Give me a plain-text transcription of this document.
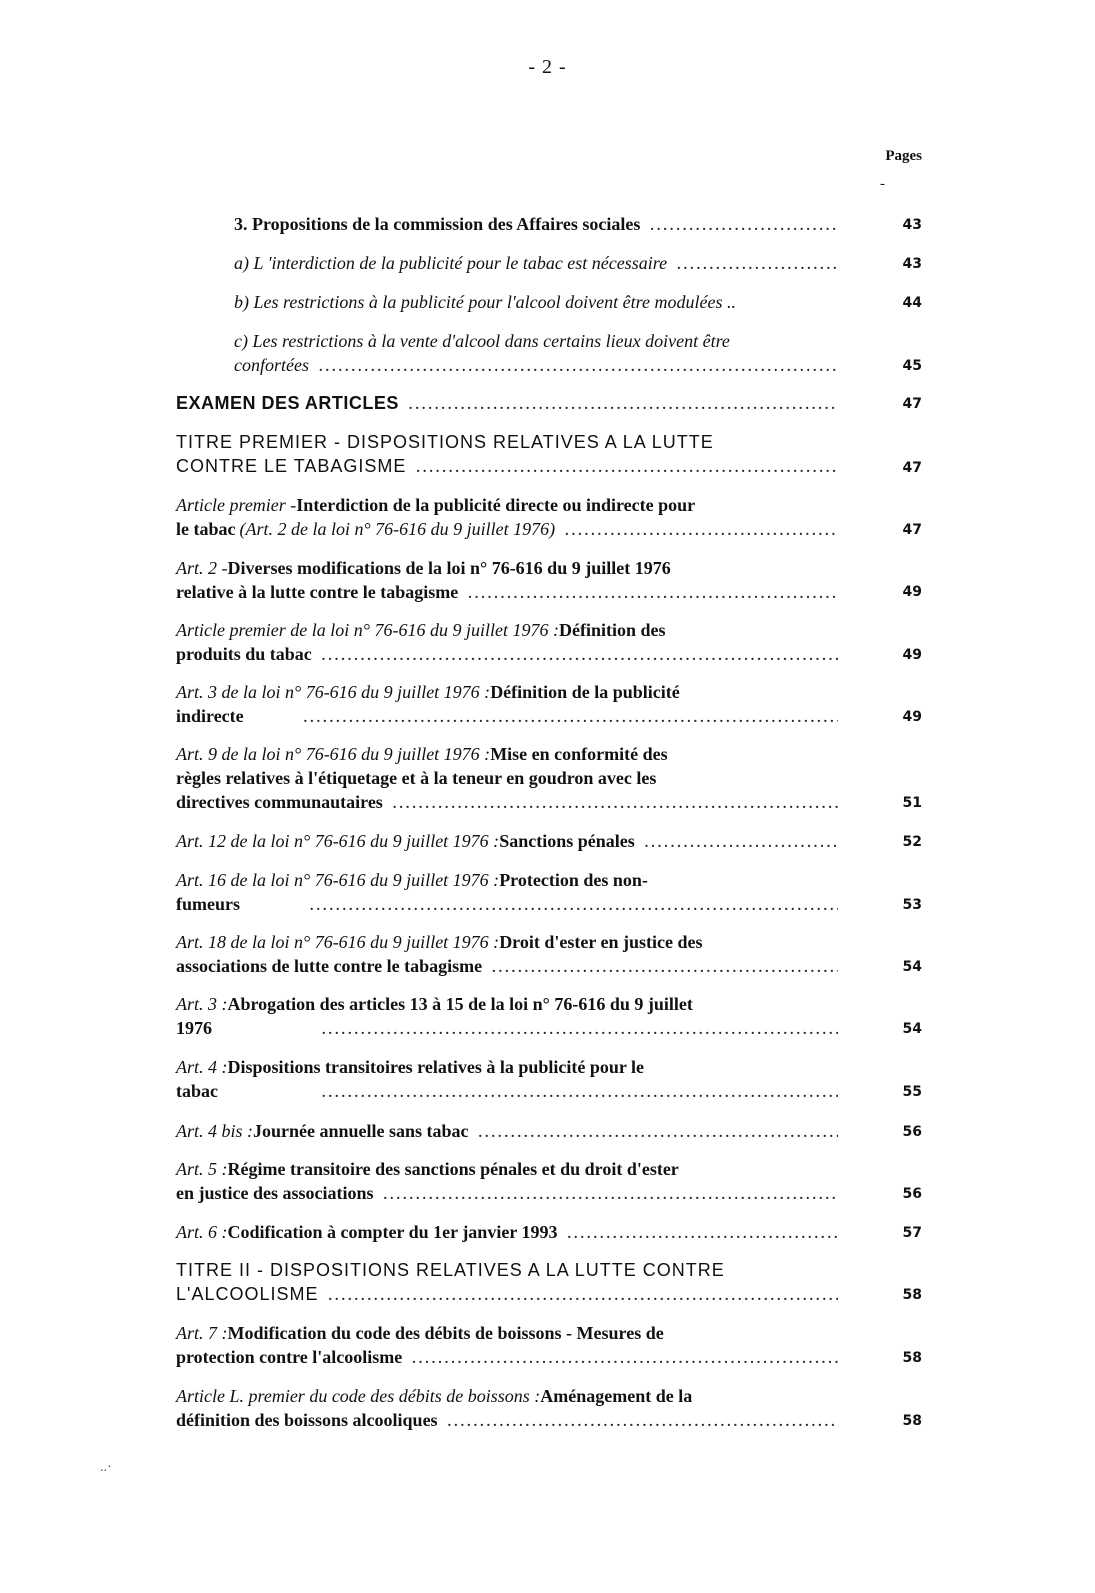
- 2 -
Pages
-
3. Propositions de la commission des Affaires sociales .....	43
a) L 'interdiction de la publicité pour le tabac est nécessaire .....	43
b) Les restrictions à la publicité pour l'alcool doivent être modulées ..	44
c) Les restrictions à la vente d'alcool dans certains lieux doivent être
confortées .....	45
EXAMEN DES ARTICLES .....	47
TITRE PREMIER - DISPOSITIONS RELATIVES A LA LUTTE
CONTRE LE TABAGISME .....	47
Article premier - Interdiction de la publicité directe ou indirecte pour
le tabac (Art. 2 de la loi n° 76-616 du 9 juillet 1976) .....	47
Art. 2 - Diverses modifications de la loi n° 76-616 du 9 juillet 1976
relative à la lutte contre le tabagisme .....	49
Article premier de la loi n° 76-616 du 9 juillet 1976 : Définition des
produits du tabac .....	49
Art. 3 de la loi n° 76-616 du 9 juillet 1976 : Définition de la publicité
indirecte .....	49
Art. 9 de la loi n° 76-616 du 9 juillet 1976 : Mise en conformité des
règles relatives à l'étiquetage et à la teneur en goudron avec les
directives communautaires .....	51
Art. 12 de la loi n° 76-616 du 9 juillet 1976 : Sanctions pénales .....	52
Art. 16 de la loi n° 76-616 du 9 juillet 1976 : Protection des non-
fumeurs .....	53
Art. 18 de la loi n° 76-616 du 9 juillet 1976 : Droit d'ester en justice des
associations de lutte contre le tabagisme .....	54
Art. 3 : Abrogation des articles 13 à 15 de la loi n° 76-616 du 9 juillet
1976 .....	54
Art. 4 : Dispositions transitoires relatives à la publicité pour le
tabac .....	55
Art. 4 bis : Journée annuelle sans tabac .....	56
Art. 5 : Régime transitoire des sanctions pénales et du droit d'ester
en justice des associations .....	56
Art. 6 : Codification à compter du 1er janvier 1993 .....	57
TITRE II - DISPOSITIONS RELATIVES A LA LUTTE CONTRE
L'ALCOOLISME .....	58
Art. 7 : Modification du code des débits de boissons - Mesures de
protection contre l'alcoolisme .....	58
Article L. premier du code des débits de boissons : Aménagement de la
définition des boissons alcooliques .....	58
..·
